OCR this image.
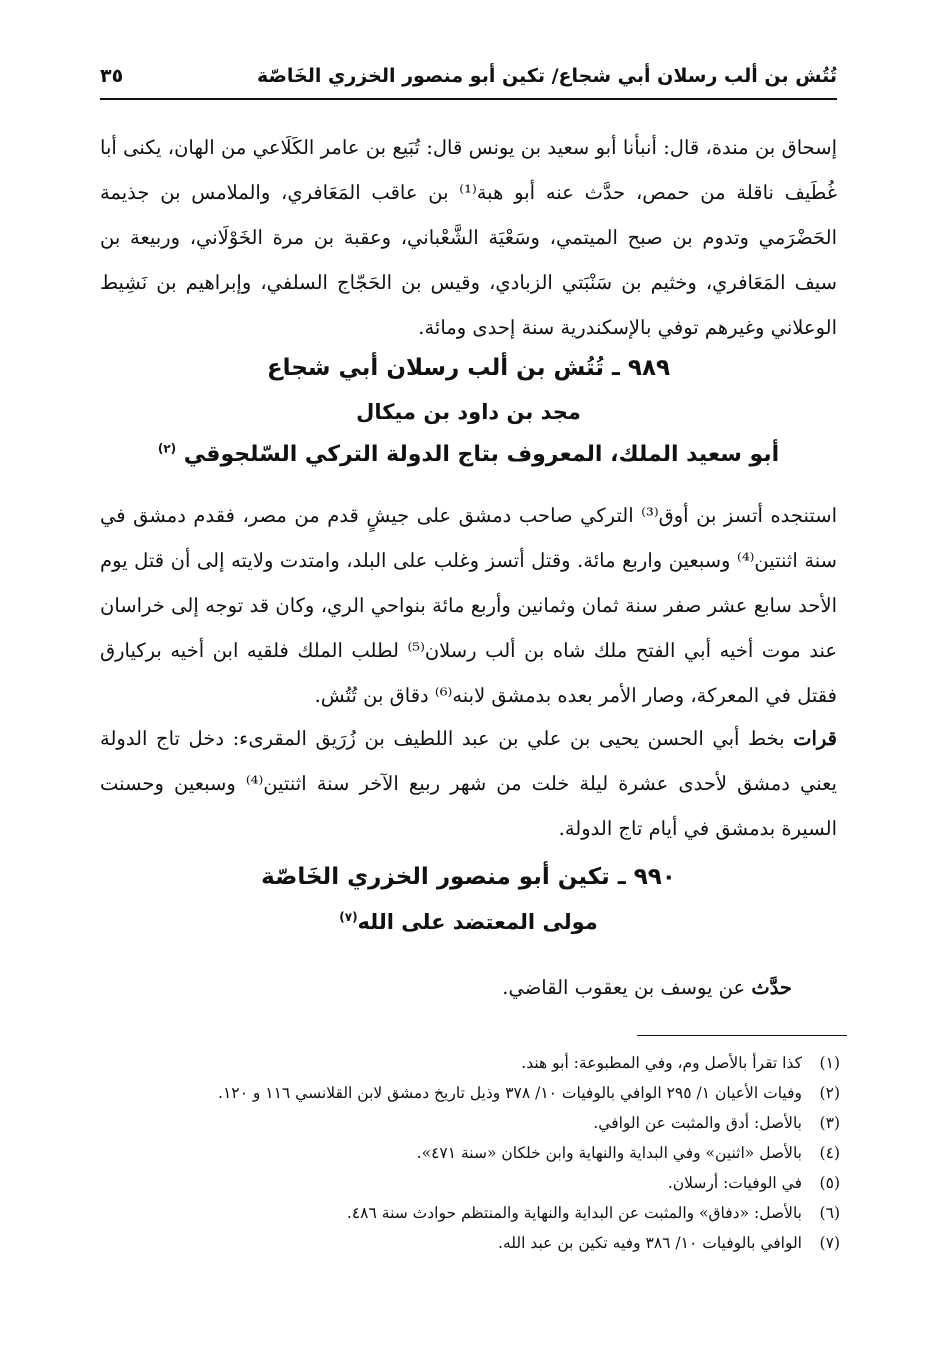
تُتُش بن ألب رسلان أبي شجاع/ تكين أبو منصور الخزري الخَاصّة
٣٥

إسحاق بن مندة، قال: أنبأنا أبو سعيد بن يونس قال: تُبَيع بن عامر الكَلَاعي من الهان، يكنى أبا غُطَيف ناقلة من حمص، حدَّث عنه أبو هبة⁽¹⁾ بن عاقب المَعَافري، والملامس بن جذيمة الحَضْرَمي وتدوم بن صبح الميتمي، وسَعْيَة الشَّعْباني، وعقبة بن مرة الخَوْلَاني، وربيعة بن سيف المَعَافري، وخثيم بن سَنْبَتي الزبادي، وقيس بن الحَجّاج السلفي، وإبراهيم بن نَشِيط الوعلاني وغيرهم توفي بالإسكندرية سنة إحدى ومائة.

٩٨٩ ـ تُتُش بن ألب رسلان أبي شجاع
مجد بن داود بن ميكال
أبو سعيد الملك، المعروف بتاج الدولة التركي السّلجوقي $^{(٢)}$

استنجده أتسز بن أوق⁽³⁾ التركي صاحب دمشق على جيشٍ قدم من مصر، فقدم دمشق في سنة اثنتين⁽⁴⁾ وسبعين واربع مائة. وقتل أتسز وغلب على البلد، وامتدت ولايته إلى أن قتل يوم الأحد سابع عشر صفر سنة ثمان وثمانين وأربع مائة بنواحي الري، وكان قد توجه إلى خراسان عند موت أخيه أبي الفتح ملك شاه بن ألب رسلان⁽⁵⁾ لطلب الملك فلقيه ابن أخيه بركيارق فقتل في المعركة، وصار الأمر بعده بدمشق لابنه⁽⁶⁾ دقاق بن تُتُش.

قرات بخط أبي الحسن يحيى بن علي بن عبد اللطيف بن زُرَيق المقرىء: دخل تاج الدولة يعني دمشق لأحدى عشرة ليلة خلت من شهر ربيع الآخر سنة اثنتين⁽⁴⁾ وسبعين وحسنت السيرة بدمشق في أيام تاج الدولة.

٩٩٠ ـ تكين أبو منصور الخزري الخَاصّة
مولى المعتضد على الله$^{(٧)}$

حدَّث عن يوسف بن يعقوب القاضي.

(١)
كذا تقرأ بالأصل وم، وفي المطبوعة: أبو هند.
(٢)
وفيات الأعيان ١/ ٢٩٥ الوافي بالوفيات ١٠/ ٣٧٨ وذيل تاريخ دمشق لابن القلانسي ١١٦ و ١٢٠.
(٣)
بالأصل: أدق والمثبت عن الوافي.
(٤)
بالأصل «اثنين» وفي البداية والنهاية وابن خلكان «سنة ٤٧١».
(٥)
في الوفيات: أرسلان.
(٦)
بالأصل: «دفاق» والمثبت عن البداية والنهاية والمنتظم حوادث سنة ٤٨٦.
(٧)
الوافي بالوفيات ١٠/ ٣٨٦ وفيه تكين بن عبد الله.
